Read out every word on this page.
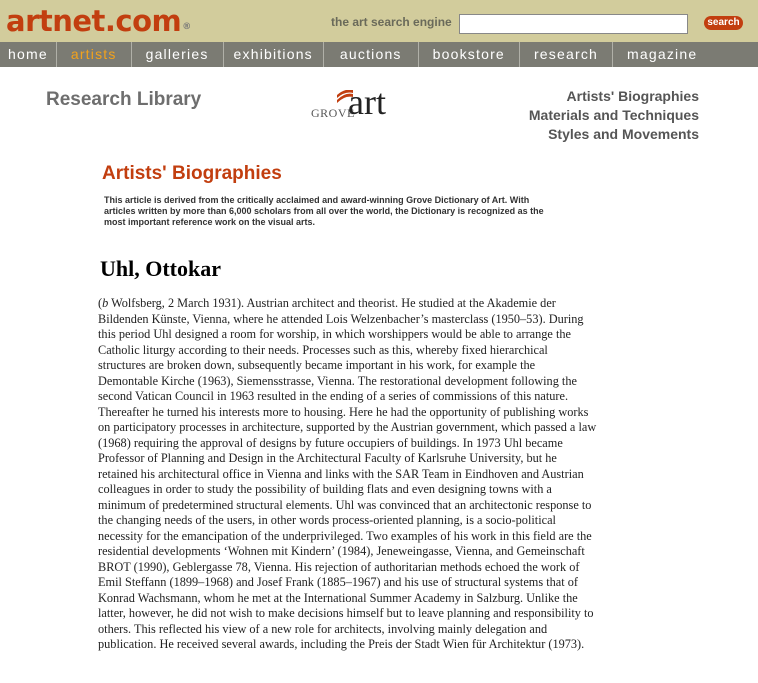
artnet.com®	the art search engine	search
home	artists	galleries	exhibitions	auctions	bookstore	research	magazine
Research Library
GROVE
art	Artists' Biographies
Materials and Techniques
Styles and Movements
Artists' Biographies
This article is derived from the critically acclaimed and award-winning Grove Dictionary of Art. With articles written by more than 6,000 scholars from all over the world, the Dictionary is recognized as the most important reference work on the visual arts.
Uhl, Ottokar
(b Wolfsberg, 2 March 1931). Austrian architect and theorist. He studied at the Akademie der Bildenden Künste, Vienna, where he attended Lois Welzenbacher’s masterclass (1950–53). During this period Uhl designed a room for worship, in which worshippers would be able to arrange the Catholic liturgy according to their needs. Processes such as this, whereby fixed hierarchical structures are broken down, subsequently became important in his work, for example the Demontable Kirche (1963), Siemensstrasse, Vienna. The restorational development following the second Vatican Council in 1963 resulted in the ending of a series of commissions of this nature. Thereafter he turned his interests more to housing. Here he had the opportunity of publishing works on participatory processes in architecture, supported by the Austrian government, which passed a law (1968) requiring the approval of designs by future occupiers of buildings. In 1973 Uhl became Professor of Planning and Design in the Architectural Faculty of Karlsruhe University, but he retained his architectural office in Vienna and links with the SAR Team in Eindhoven and Austrian colleagues in order to study the possibility of building flats and even designing towns with a minimum of predetermined structural elements. Uhl was convinced that an architectonic response to the changing needs of the users, in other words process-oriented planning, is a socio-political necessity for the emancipation of the underprivileged. Two examples of his work in this field are the residential developments ‘Wohnen mit Kindern’ (1984), Jeneweingasse, Vienna, and Gemeinschaft BROT (1990), Geblergasse 78, Vienna. His rejection of authoritarian methods echoed the work of Emil Steffann (1899–1968) and Josef Frank (1885–1967) and his use of structural systems that of Konrad Wachsmann, whom he met at the International Summer Academy in Salzburg. Unlike the latter, however, he did not wish to make decisions himself but to leave planning and responsibility to others. This reflected his view of a new role for architects, involving mainly delegation and publication. He received several awards, including the Preis der Stadt Wien für Architektur (1973).
